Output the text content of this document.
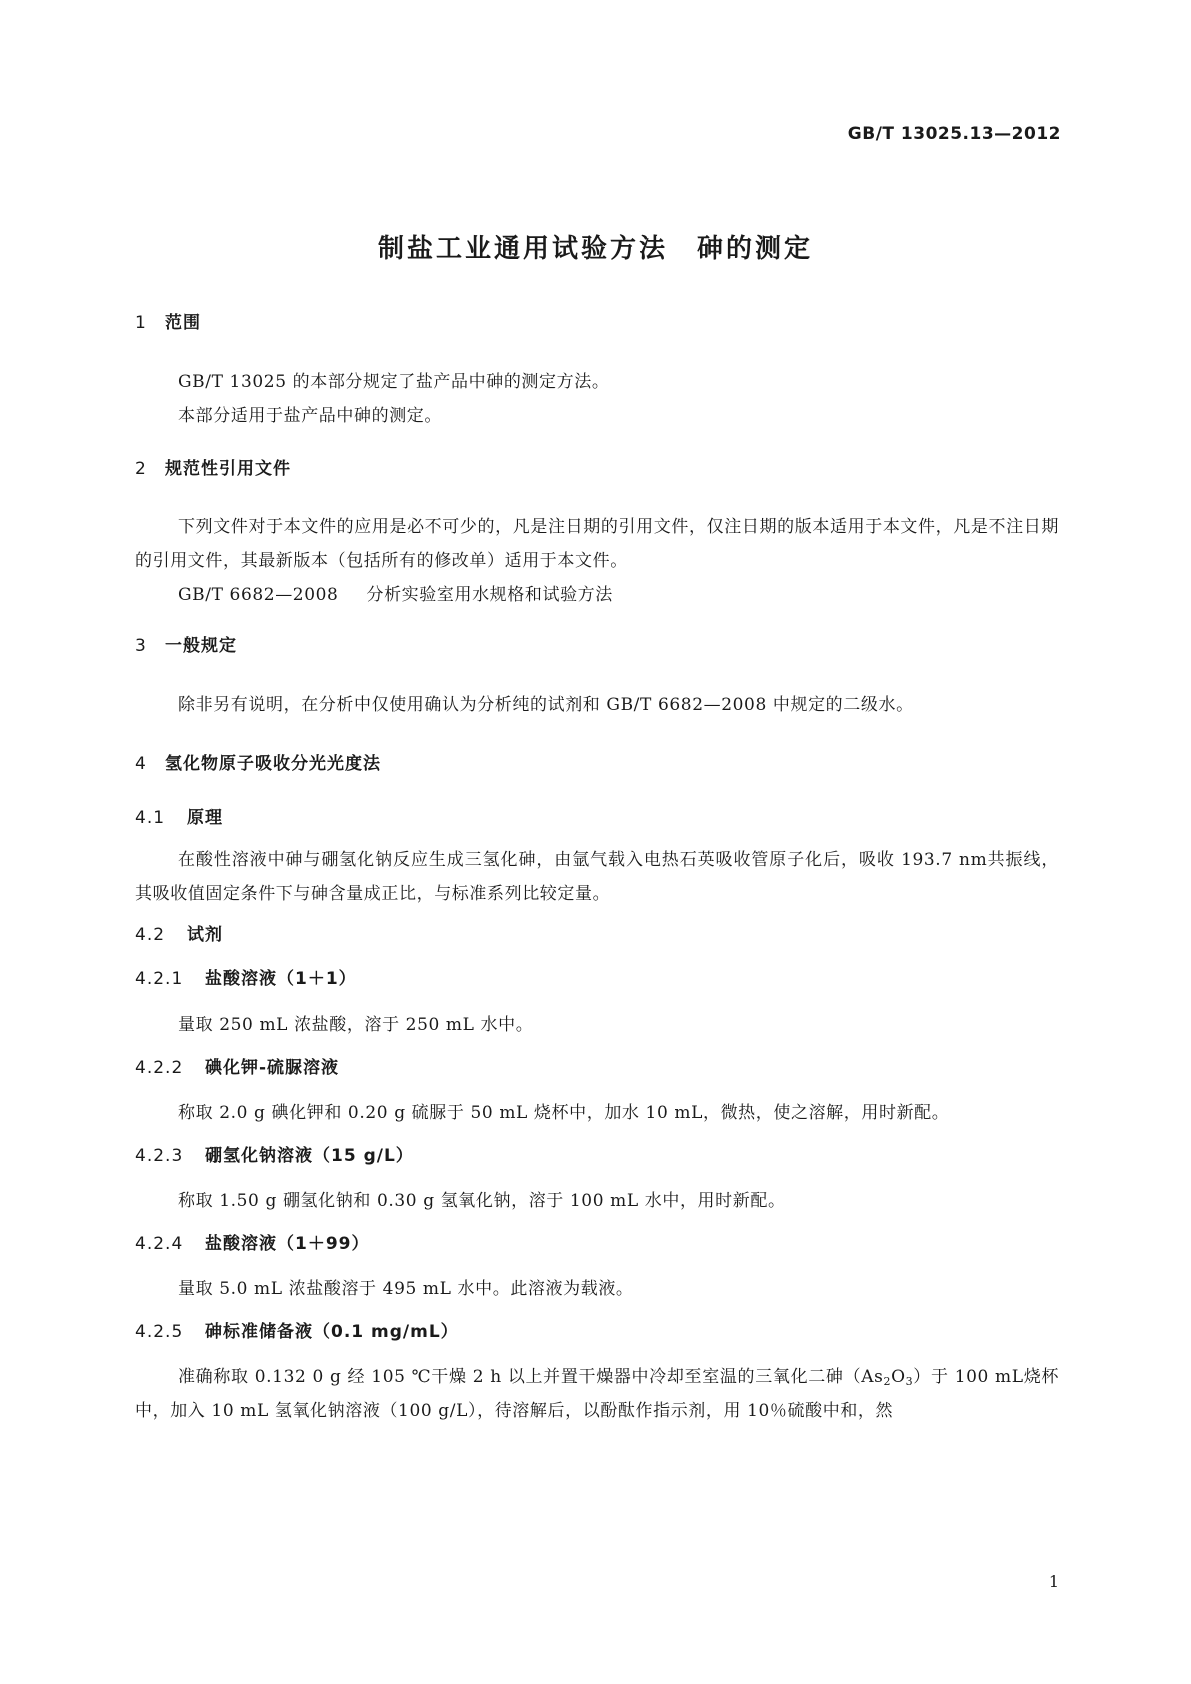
GB/T 13025.13—2012
制盐工业通用试验方法　砷的测定
1 范围
GB/T 13025 的本部分规定了盐产品中砷的测定方法。
本部分适用于盐产品中砷的测定。
2 规范性引用文件
下列文件对于本文件的应用是必不可少的，凡是注日期的引用文件，仅注日期的版本适用于本文件，凡是不注日期的引用文件，其最新版本（包括所有的修改单）适用于本文件。
GB/T 6682—2008 分析实验室用水规格和试验方法
3 一般规定
除非另有说明，在分析中仅使用确认为分析纯的试剂和 GB/T 6682—2008 中规定的二级水。
4 氢化物原子吸收分光光度法
4.1 原理
在酸性溶液中砷与硼氢化钠反应生成三氢化砷，由氩气载入电热石英吸收管原子化后，吸收 193.7 nm共振线，其吸收值固定条件下与砷含量成正比，与标准系列比较定量。
4.2 试剂
4.2.1 盐酸溶液（1＋1）
量取 250 mL 浓盐酸，溶于 250 mL 水中。
4.2.2 碘化钾-硫脲溶液
称取 2.0 g 碘化钾和 0.20 g 硫脲于 50 mL 烧杯中，加水 10 mL，微热，使之溶解，用时新配。
4.2.3 硼氢化钠溶液（15 g/L）
称取 1.50 g 硼氢化钠和 0.30 g 氢氧化钠，溶于 100 mL 水中，用时新配。
4.2.4 盐酸溶液（1＋99）
量取 5.0 mL 浓盐酸溶于 495 mL 水中。此溶液为载液。
4.2.5 砷标准储备液（0.1 mg/mL）
准确称取 0.132 0 g 经 105 ℃干燥 2 h 以上并置干燥器中冷却至室温的三氧化二砷$(As_2O_3)$于 100 mL烧杯中，加入 10 mL 氢氧化钠溶液（100 g/L），待溶解后，以酚酞作指示剂，用 10％硫酸中和，然
1
